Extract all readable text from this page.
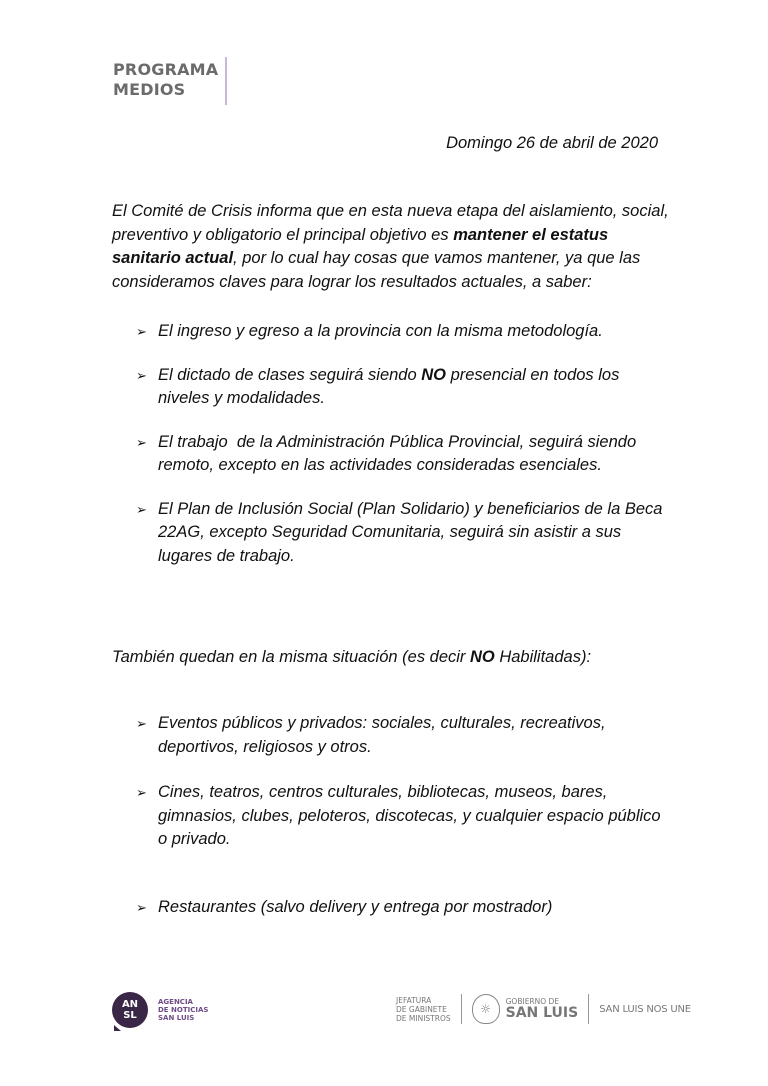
PROGRAMA
MEDIOS
Domingo 26 de abril de 2020
El Comité de Crisis informa que en esta nueva etapa del aislamiento, social, preventivo y obligatorio el principal objetivo es mantener el estatus sanitario actual, por lo cual hay cosas que vamos mantener, ya que las consideramos claves para lograr los resultados actuales, a saber:
➢ El ingreso y egreso a la provincia con la misma metodología.
➢ El dictado de clases seguirá siendo NO presencial en todos los niveles y modalidades.
➢ El trabajo  de la Administración Pública Provincial, seguirá siendo remoto, excepto en las actividades consideradas esenciales.
➢ El Plan de Inclusión Social (Plan Solidario) y beneficiarios de la Beca 22AG, excepto Seguridad Comunitaria, seguirá sin asistir a sus lugares de trabajo.
También quedan en la misma situación (es decir NO Habilitadas):
➢ Eventos públicos y privados: sociales, culturales, recreativos, deportivos, religiosos y otros.
➢ Cines, teatros, centros culturales, bibliotecas, museos, bares, gimnasios, clubes, peloteros, discotecas, y cualquier espacio público o privado.
➢ Restaurantes (salvo delivery y entrega por mostrador)
AN
SL
AGENCIA
DE NOTICIAS
SAN LUIS
JEFATURA
DE GABINETE
DE MINISTROS
☼
GOBIERNO DE
SAN LUIS SAN LUIS NOS UNE
